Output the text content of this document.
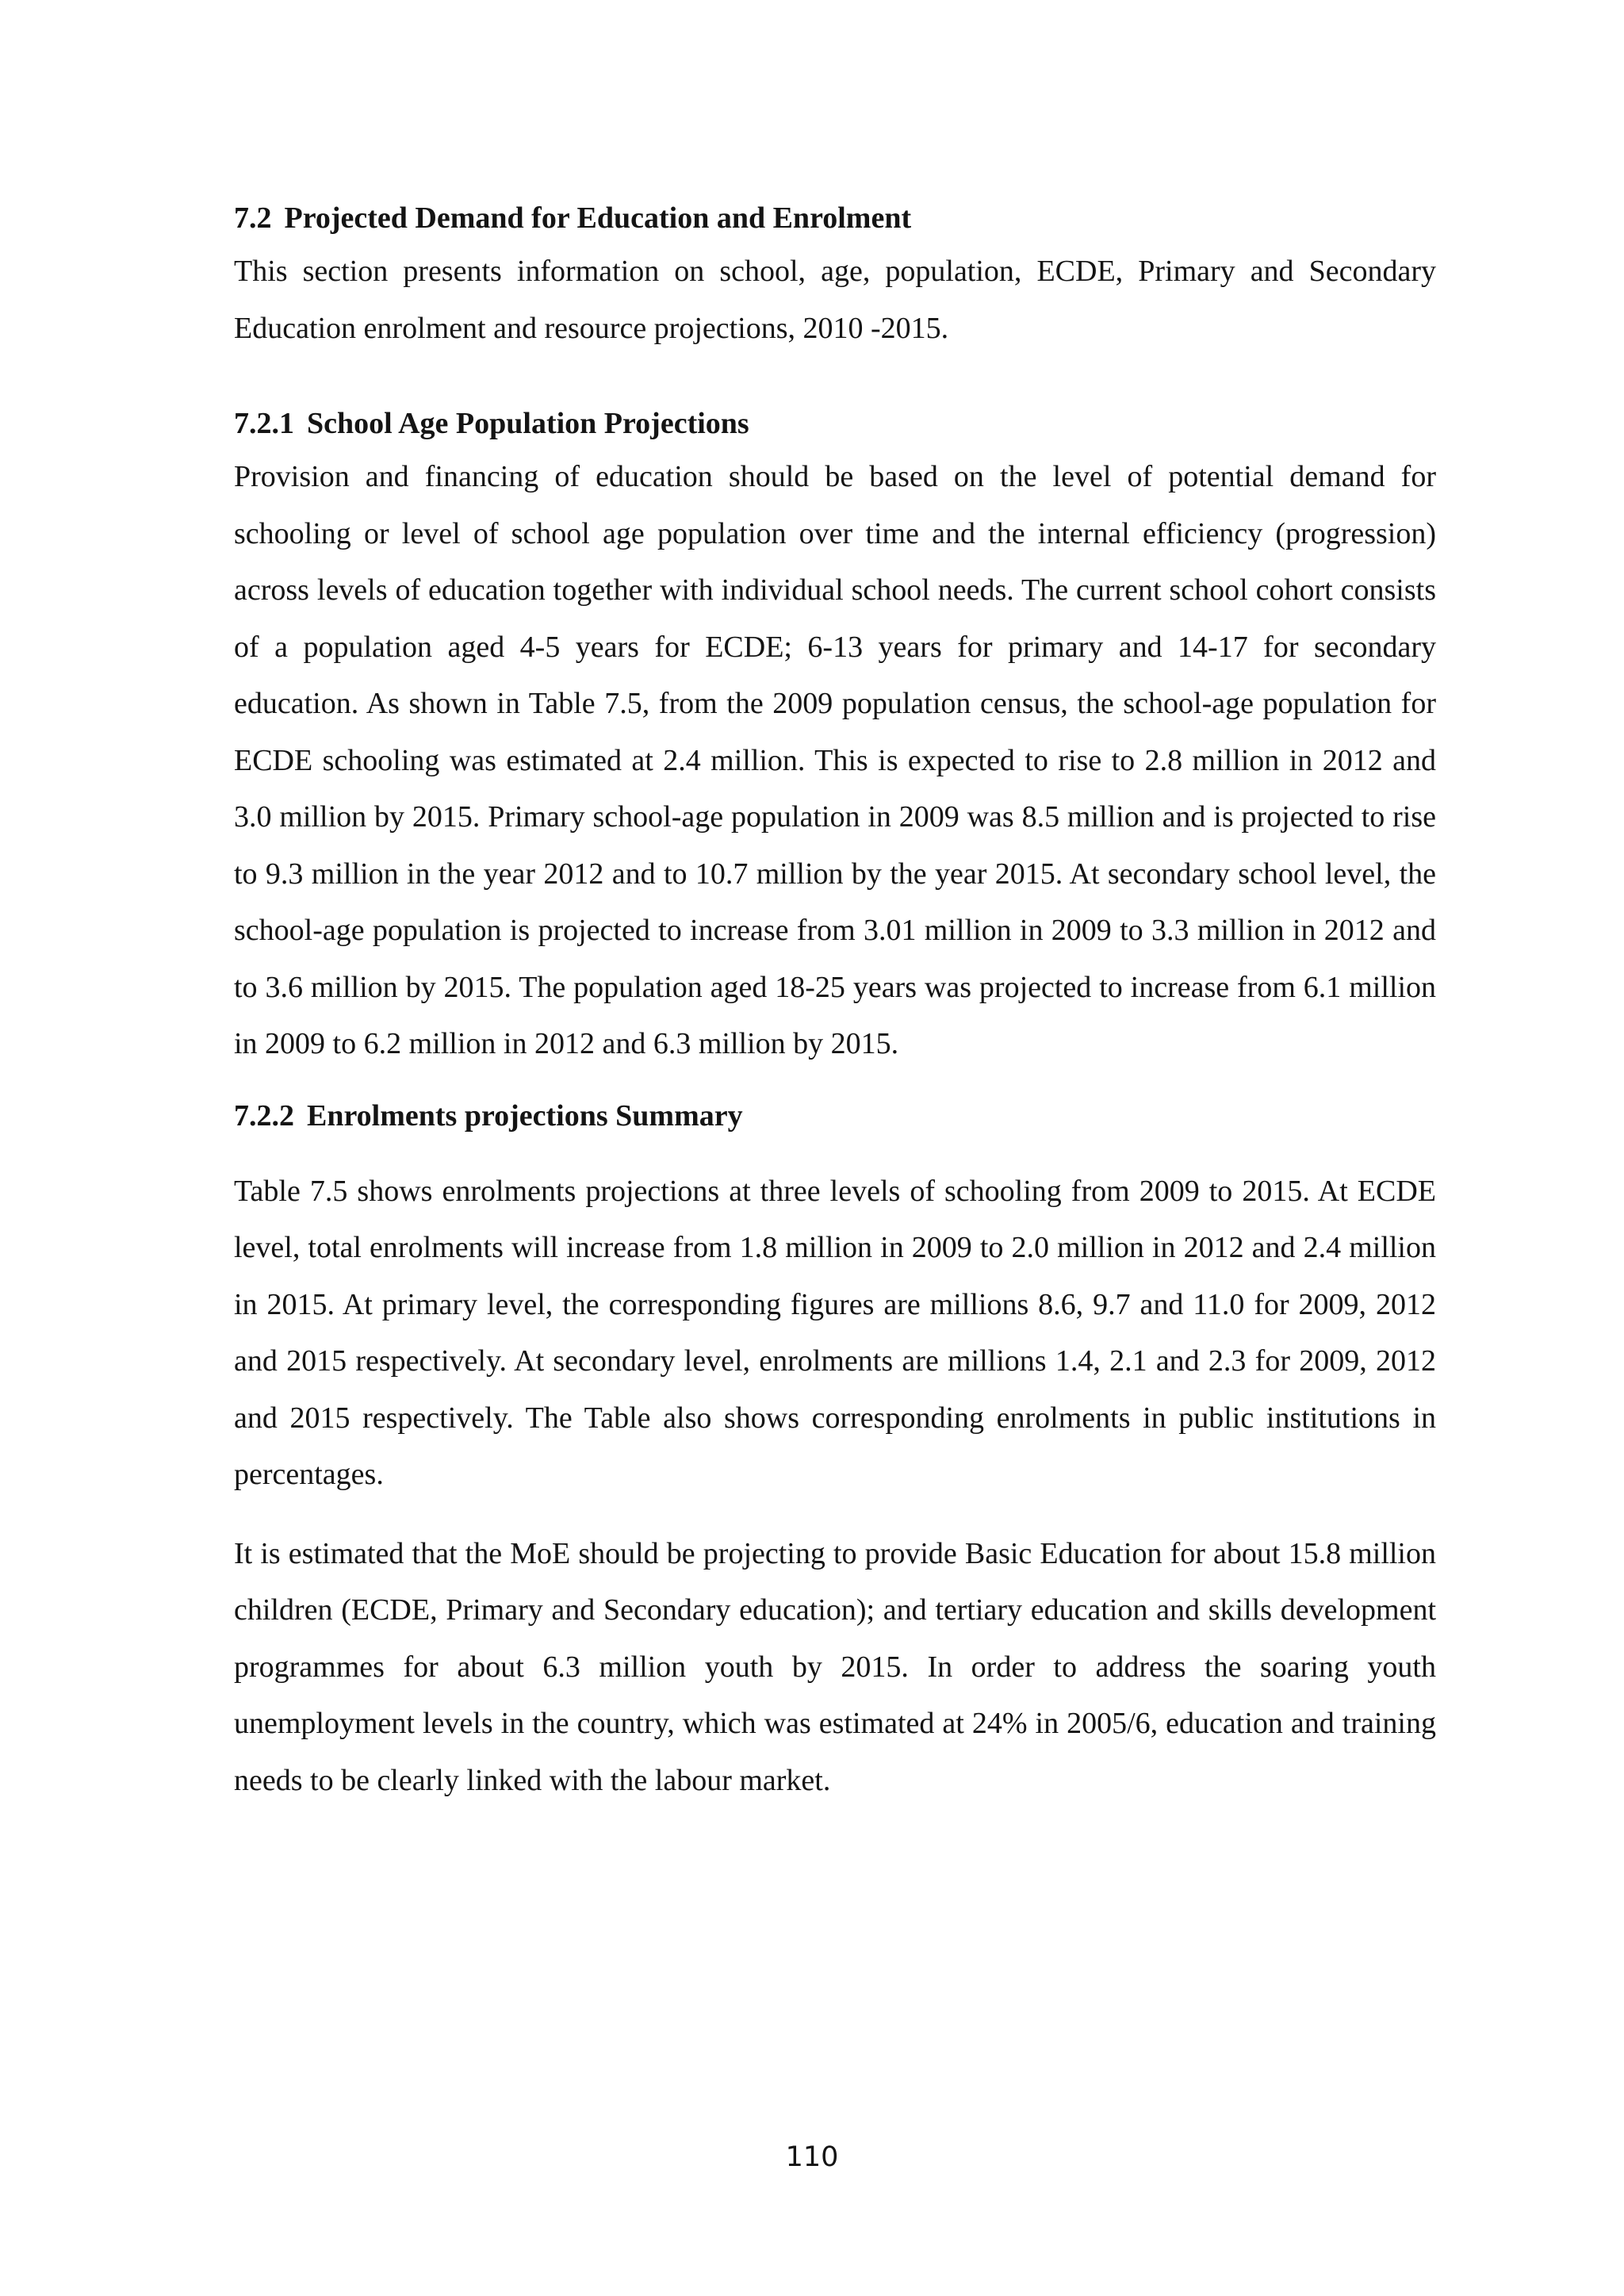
7.2 Projected Demand for Education and Enrolment

This section presents information on school, age, population, ECDE, Primary and Secondary Education enrolment and resource projections, 2010 -2015.

7.2.1 School Age Population Projections

Provision and financing of education should be based on the level of potential demand for schooling or level of school age population over time and the internal efficiency (progression) across levels of education together with individual school needs. The current school cohort consists of a population aged 4-5 years for ECDE; 6-13 years for primary and 14-17 for secondary education. As shown in Table 7.5, from the 2009 population census, the school-age population for ECDE schooling was estimated at 2.4 million. This is expected to rise to 2.8 million in 2012 and 3.0 million by 2015. Primary school-age population in 2009 was 8.5 million and is projected to rise to 9.3 million in the year 2012 and to 10.7 million by the year 2015. At secondary school level, the school-age population is projected to increase from 3.01 million in 2009 to 3.3 million in 2012 and to 3.6 million by 2015. The population aged 18-25 years was projected to increase from 6.1 million in 2009 to 6.2 million in 2012 and 6.3 million by 2015.

7.2.2 Enrolments projections Summary

Table 7.5 shows enrolments projections at three levels of schooling from 2009 to 2015. At ECDE level, total enrolments will increase from 1.8 million in 2009 to 2.0 million in 2012 and 2.4 million in 2015. At primary level, the corresponding figures are millions 8.6, 9.7 and 11.0 for 2009, 2012 and 2015 respectively. At secondary level, enrolments are millions 1.4, 2.1 and 2.3 for 2009, 2012 and 2015 respectively. The Table also shows corresponding enrolments in public institutions in percentages.

It is estimated that the MoE should be projecting to provide Basic Education for about 15.8 million children (ECDE, Primary and Secondary education); and tertiary education and skills development programmes for about 6.3 million youth by 2015. In order to address the soaring youth unemployment levels in the country, which was estimated at 24% in 2005/6, education and training needs to be clearly linked with the labour market.

110
